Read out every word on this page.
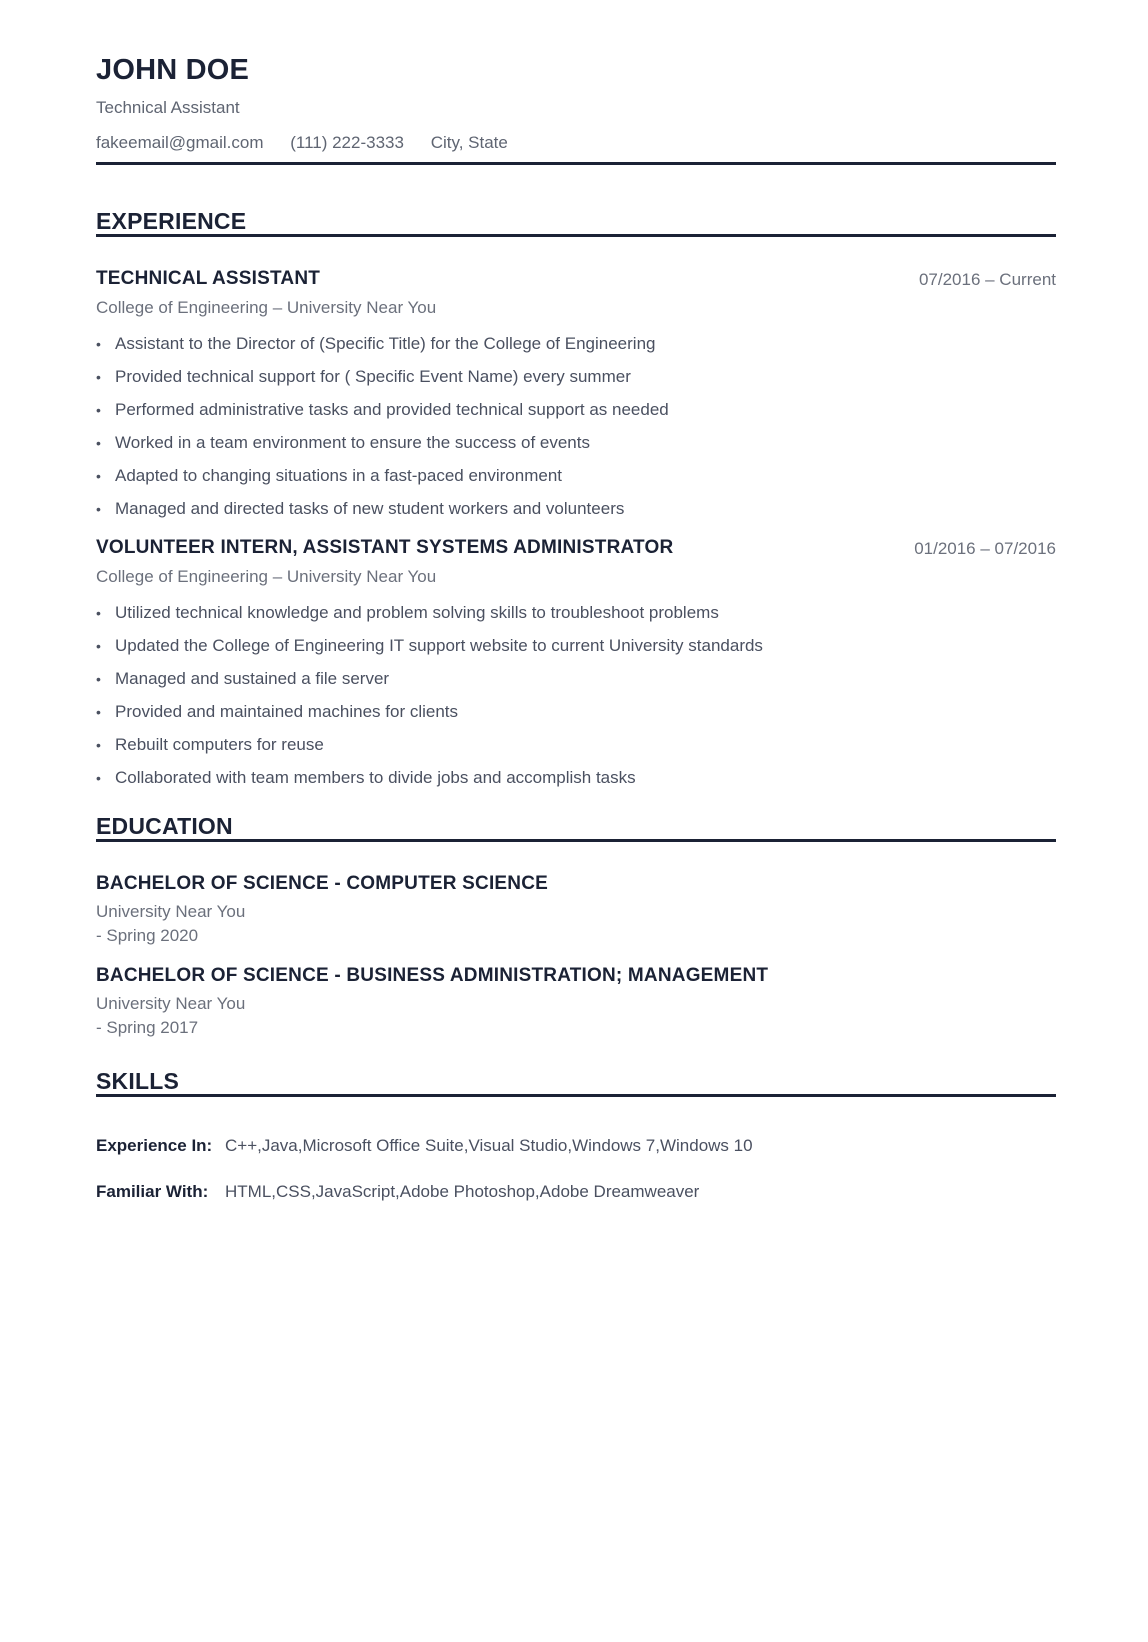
JOHN DOE
Technical Assistant
fakeemail@gmail.com (111) 222-3333 City, State
EXPERIENCE
TECHNICAL ASSISTANT	07/2016 – Current
College of Engineering – University Near You
• Assistant to the Director of (Specific Title) for the College of Engineering
• Provided technical support for ( Specific Event Name) every summer
• Performed administrative tasks and provided technical support as needed
• Worked in a team environment to ensure the success of events
• Adapted to changing situations in a fast-paced environment
• Managed and directed tasks of new student workers and volunteers
VOLUNTEER INTERN, ASSISTANT SYSTEMS ADMINISTRATOR	01/2016 – 07/2016
College of Engineering – University Near You
• Utilized technical knowledge and problem solving skills to troubleshoot problems
• Updated the College of Engineering IT support website to current University standards
• Managed and sustained a file server
• Provided and maintained machines for clients
• Rebuilt computers for reuse
• Collaborated with team members to divide jobs and accomplish tasks
EDUCATION
BACHELOR OF SCIENCE - COMPUTER SCIENCE
University Near You
- Spring 2020
BACHELOR OF SCIENCE - BUSINESS ADMINISTRATION; MANAGEMENT
University Near You
- Spring 2017
SKILLS
Experience In: C++,Java,Microsoft Office Suite,Visual Studio,Windows 7,Windows 10
Familiar With: HTML,CSS,JavaScript,Adobe Photoshop,Adobe Dreamweaver
